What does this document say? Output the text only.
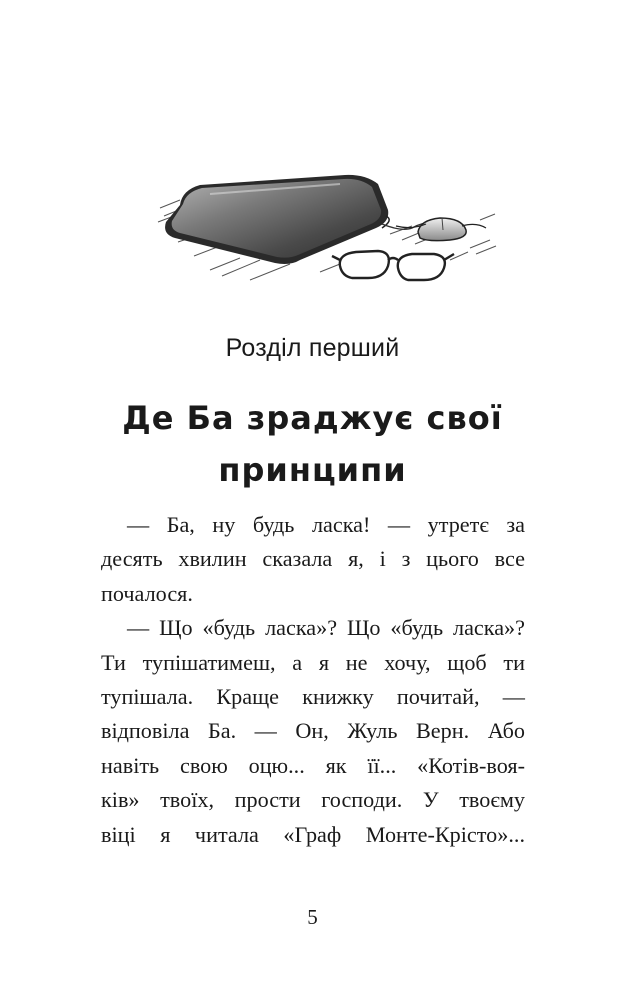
Розділ перший
Де Ба зраджує свої
принципи
— Ба, ну будь ласка! — утретє за
десять хвилин сказала я, і з цього все
почалося.
— Що «будь ласка»? Що «будь ласка»?
Ти тупішатимеш, а я не хочу, щоб ти
тупішала. Краще книжку почитай, —
відповіла Ба. — Он, Жуль Верн. Або
навіть свою оцю... як її... «Котів-воя-
ків» твоїх, прости господи. У твоєму
віці я читала «Граф Монте-Крісто»...
5
